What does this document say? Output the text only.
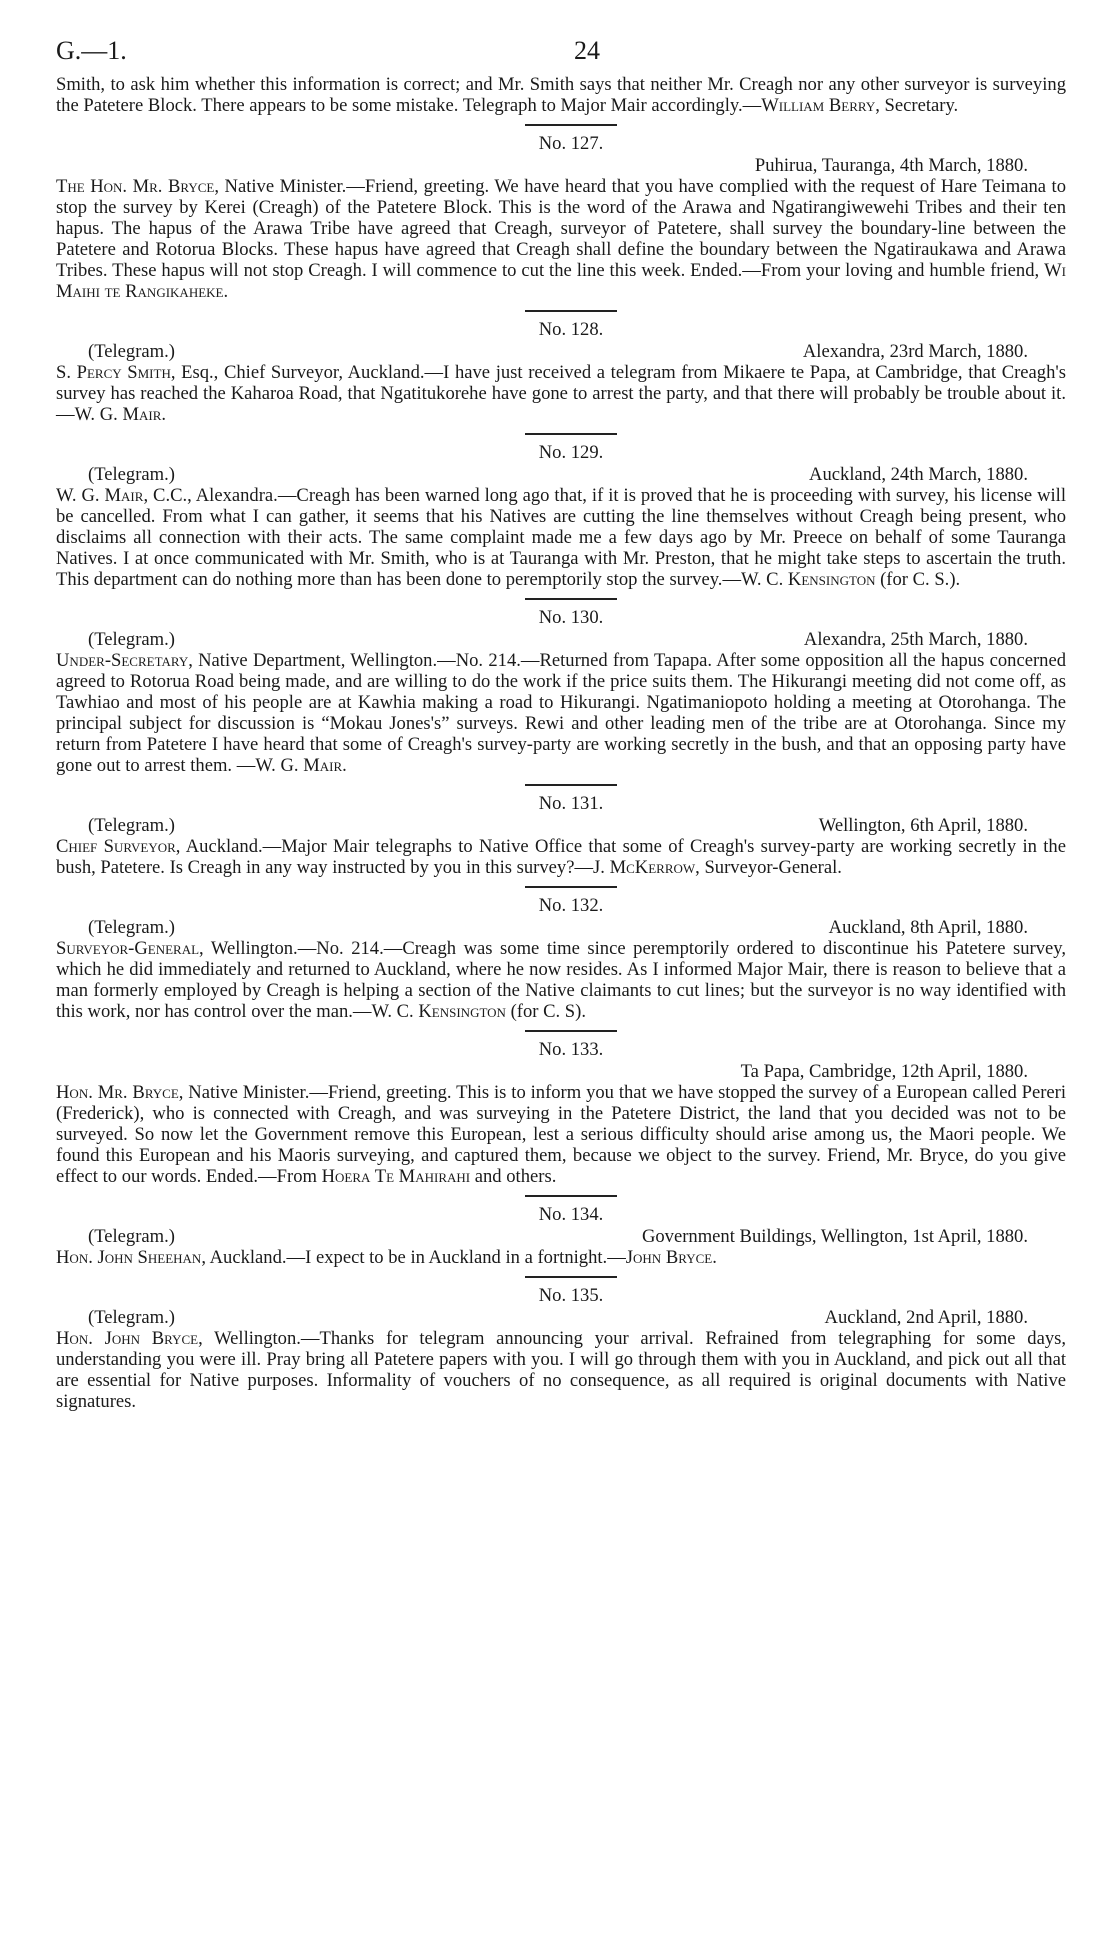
G.—1.	24

Smith, to ask him whether this information is correct; and Mr. Smith says that neither Mr. Creagh nor any other surveyor is surveying the Patetere Block. There appears to be some mistake. Telegraph to Major Mair accordingly.—William Berry, Secretary.

No. 127.
Puhirua, Tauranga, 4th March, 1880.

The Hon. Mr. Bryce, Native Minister.—Friend, greeting. We have heard that you have complied with the request of Hare Teimana to stop the survey by Kerei (Creagh) of the Patetere Block. This is the word of the Arawa and Ngatirangiwewehi Tribes and their ten hapus. The hapus of the Arawa Tribe have agreed that Creagh, surveyor of Patetere, shall survey the boundary-line between the Patetere and Rotorua Blocks. These hapus have agreed that Creagh shall define the boundary between the Ngatiraukawa and Arawa Tribes. These hapus will not stop Creagh. I will commence to cut the line this week. Ended.—From your loving and humble friend, Wi Maihi te Rangikaheke.

No. 128.
(Telegram.)	Alexandra, 23rd March, 1880.

S. Percy Smith, Esq., Chief Surveyor, Auckland.—I have just received a telegram from Mikaere te Papa, at Cambridge, that Creagh's survey has reached the Kaharoa Road, that Ngatitukorehe have gone to arrest the party, and that there will probably be trouble about it.—W. G. Mair.

No. 129.
(Telegram.)	Auckland, 24th March, 1880.

W. G. Mair, C.C., Alexandra.—Creagh has been warned long ago that, if it is proved that he is proceeding with survey, his license will be cancelled. From what I can gather, it seems that his Natives are cutting the line themselves without Creagh being present, who disclaims all connection with their acts. The same complaint made me a few days ago by Mr. Preece on behalf of some Tauranga Natives. I at once communicated with Mr. Smith, who is at Tauranga with Mr. Preston, that he might take steps to ascertain the truth. This department can do nothing more than has been done to peremptorily stop the survey.—W. C. Kensington (for C. S.).

No. 130.
(Telegram.)	Alexandra, 25th March, 1880.

Under-Secretary, Native Department, Wellington.—No. 214.—Returned from Tapapa. After some opposition all the hapus concerned agreed to Rotorua Road being made, and are willing to do the work if the price suits them. The Hikurangi meeting did not come off, as Tawhiao and most of his people are at Kawhia making a road to Hikurangi. Ngatimaniopoto holding a meeting at Otorohanga. The principal subject for discussion is “Mokau Jones's” surveys. Rewi and other leading men of the tribe are at Otorohanga. Since my return from Patetere I have heard that some of Creagh's survey-party are working secretly in the bush, and that an opposing party have gone out to arrest them. —W. G. Mair.

No. 131.
(Telegram.)	Wellington, 6th April, 1880.

Chief Surveyor, Auckland.—Major Mair telegraphs to Native Office that some of Creagh's survey-party are working secretly in the bush, Patetere. Is Creagh in any way instructed by you in this survey?—J. McKerrow, Surveyor-General.

No. 132.
(Telegram.)	Auckland, 8th April, 1880.

Surveyor-General, Wellington.—No. 214.—Creagh was some time since peremptorily ordered to discontinue his Patetere survey, which he did immediately and returned to Auckland, where he now resides. As I informed Major Mair, there is reason to believe that a man formerly employed by Creagh is helping a section of the Native claimants to cut lines; but the surveyor is no way identified with this work, nor has control over the man.—W. C. Kensington (for C. S).

No. 133.
Ta Papa, Cambridge, 12th April, 1880.

Hon. Mr. Bryce, Native Minister.—Friend, greeting. This is to inform you that we have stopped the survey of a European called Pereri (Frederick), who is connected with Creagh, and was surveying in the Patetere District, the land that you decided was not to be surveyed. So now let the Government remove this European, lest a serious difficulty should arise among us, the Maori people. We found this European and his Maoris surveying, and captured them, because we object to the survey. Friend, Mr. Bryce, do you give effect to our words. Ended.—From Hoera Te Mahirahi and others.

No. 134.
(Telegram.)	Government Buildings, Wellington, 1st April, 1880.

Hon. John Sheehan, Auckland.—I expect to be in Auckland in a fortnight.—John Bryce.

No. 135.
(Telegram.)	Auckland, 2nd April, 1880.

Hon. John Bryce, Wellington.—Thanks for telegram announcing your arrival. Refrained from telegraphing for some days, understanding you were ill. Pray bring all Patetere papers with you. I will go through them with you in Auckland, and pick out all that are essential for Native purposes. Informality of vouchers of no consequence, as all required is original documents with Native signatures.
